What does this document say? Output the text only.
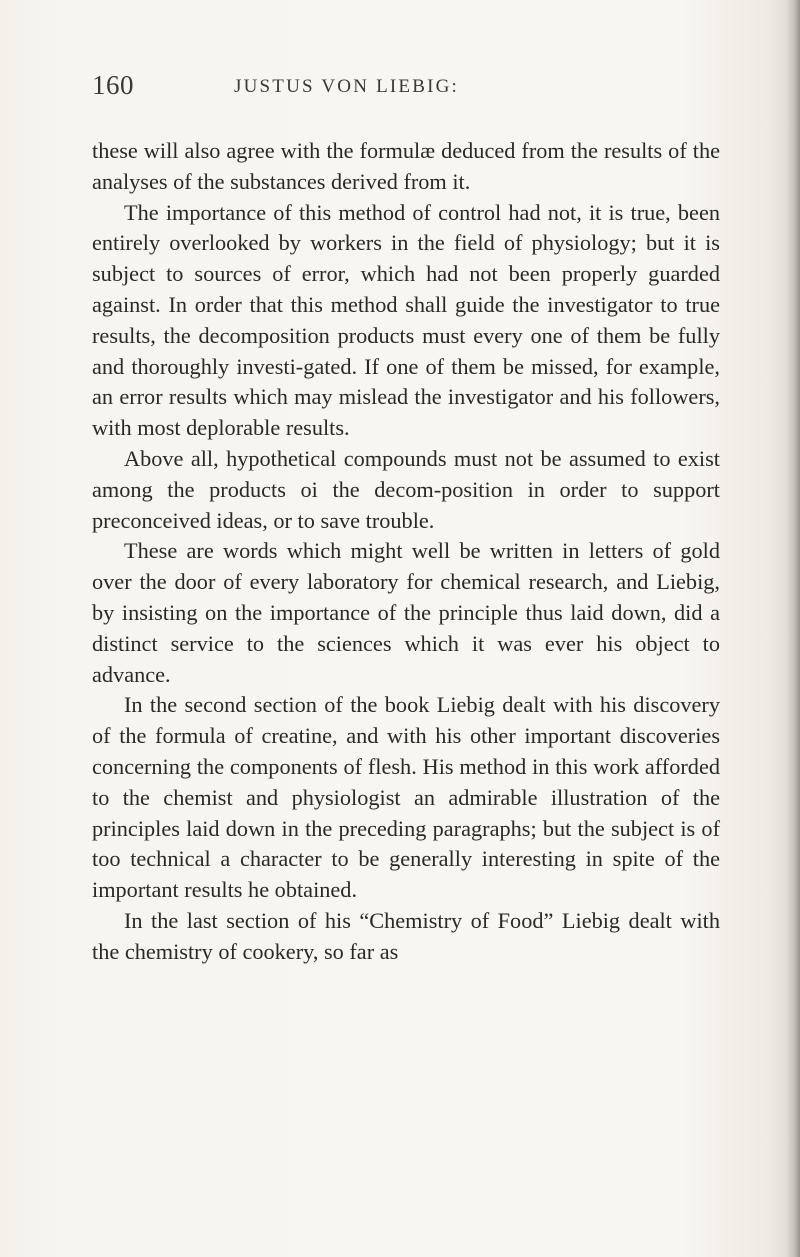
160	JUSTUS VON LIEBIG:

these will also agree with the formulæ deduced from the results of the analyses of the substances derived from it.

The importance of this method of control had not, it is true, been entirely overlooked by workers in the field of physiology; but it is subject to sources of error, which had not been properly guarded against. In order that this method shall guide the investigator to true results, the decomposition products must every one of them be fully and thoroughly investi-gated. If one of them be missed, for example, an error results which may mislead the investigator and his followers, with most deplorable results.

Above all, hypothetical compounds must not be assumed to exist among the products oi the decom-position in order to support preconceived ideas, or to save trouble.

These are words which might well be written in letters of gold over the door of every laboratory for chemical research, and Liebig, by insisting on the importance of the principle thus laid down, did a distinct service to the sciences which it was ever his object to advance.

In the second section of the book Liebig dealt with his discovery of the formula of creatine, and with his other important discoveries concerning the components of flesh. His method in this work afforded to the chemist and physiologist an admirable illustration of the principles laid down in the preceding paragraphs; but the subject is of too technical a character to be generally interesting in spite of the important results he obtained.

In the last section of his “Chemistry of Food” Liebig dealt with the chemistry of cookery, so far as
